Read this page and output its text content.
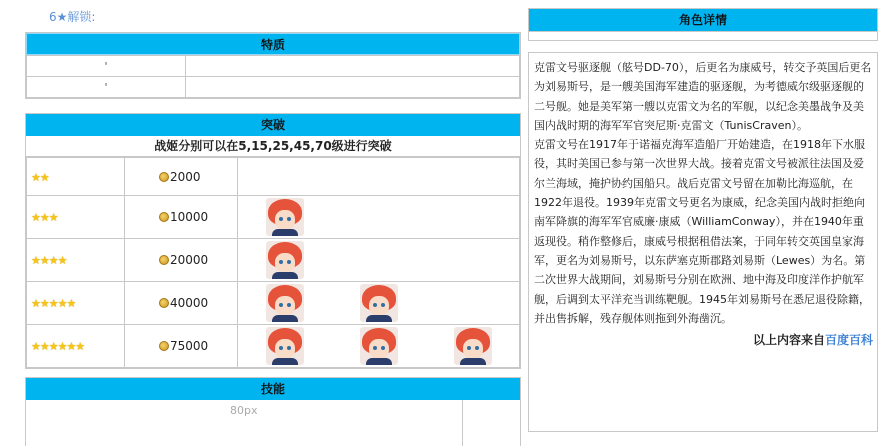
6★解锁:
特质
'	
'	
突破
战姬分别可以在5,15,25,45,70级进行突破
★★	2000	
★★★	10000	

★★★★	20000	

★★★★★	40000	

★★★★★★	75000	
技能
80px
角色详情
克雷文号驱逐舰（舷号DD-70），后更名为康威号，转交予英国后更名为刘易斯号，是一艘美国海军建造的驱逐舰，为考德威尔级驱逐舰的二号舰。她是美军第一艘以克雷文为名的军舰，以纪念美墨战争及美国内战时期的海军军官突尼斯·克雷文（TunisCraven）。
克雷文号在1917年于诺福克海军造船厂开始建造，在1918年下水服役，其时美国已参与第一次世界大战。接着克雷文号被派往法国及爱尔兰海域，掩护协约国船只。战后克雷文号留在加勒比海巡航，在1922年退役。1939年克雷文号更名为康威，纪念美国内战时拒绝向南军降旗的海军军官威廉·康威（WilliamConway），并在1940年重返现役。稍作整修后，康威号根据租借法案，于同年转交英国皇家海军，更名为刘易斯号，以东萨塞克斯郡路刘易斯（Lewes）为名。第二次世界大战期间，刘易斯号分别在欧洲、地中海及印度洋作护航军舰，后调到太平洋充当训练靶舰。1945年刘易斯号在悉尼退役除籍，并出售拆解，残存舰体则拖到外海凿沉。
以上内容来自百度百科
